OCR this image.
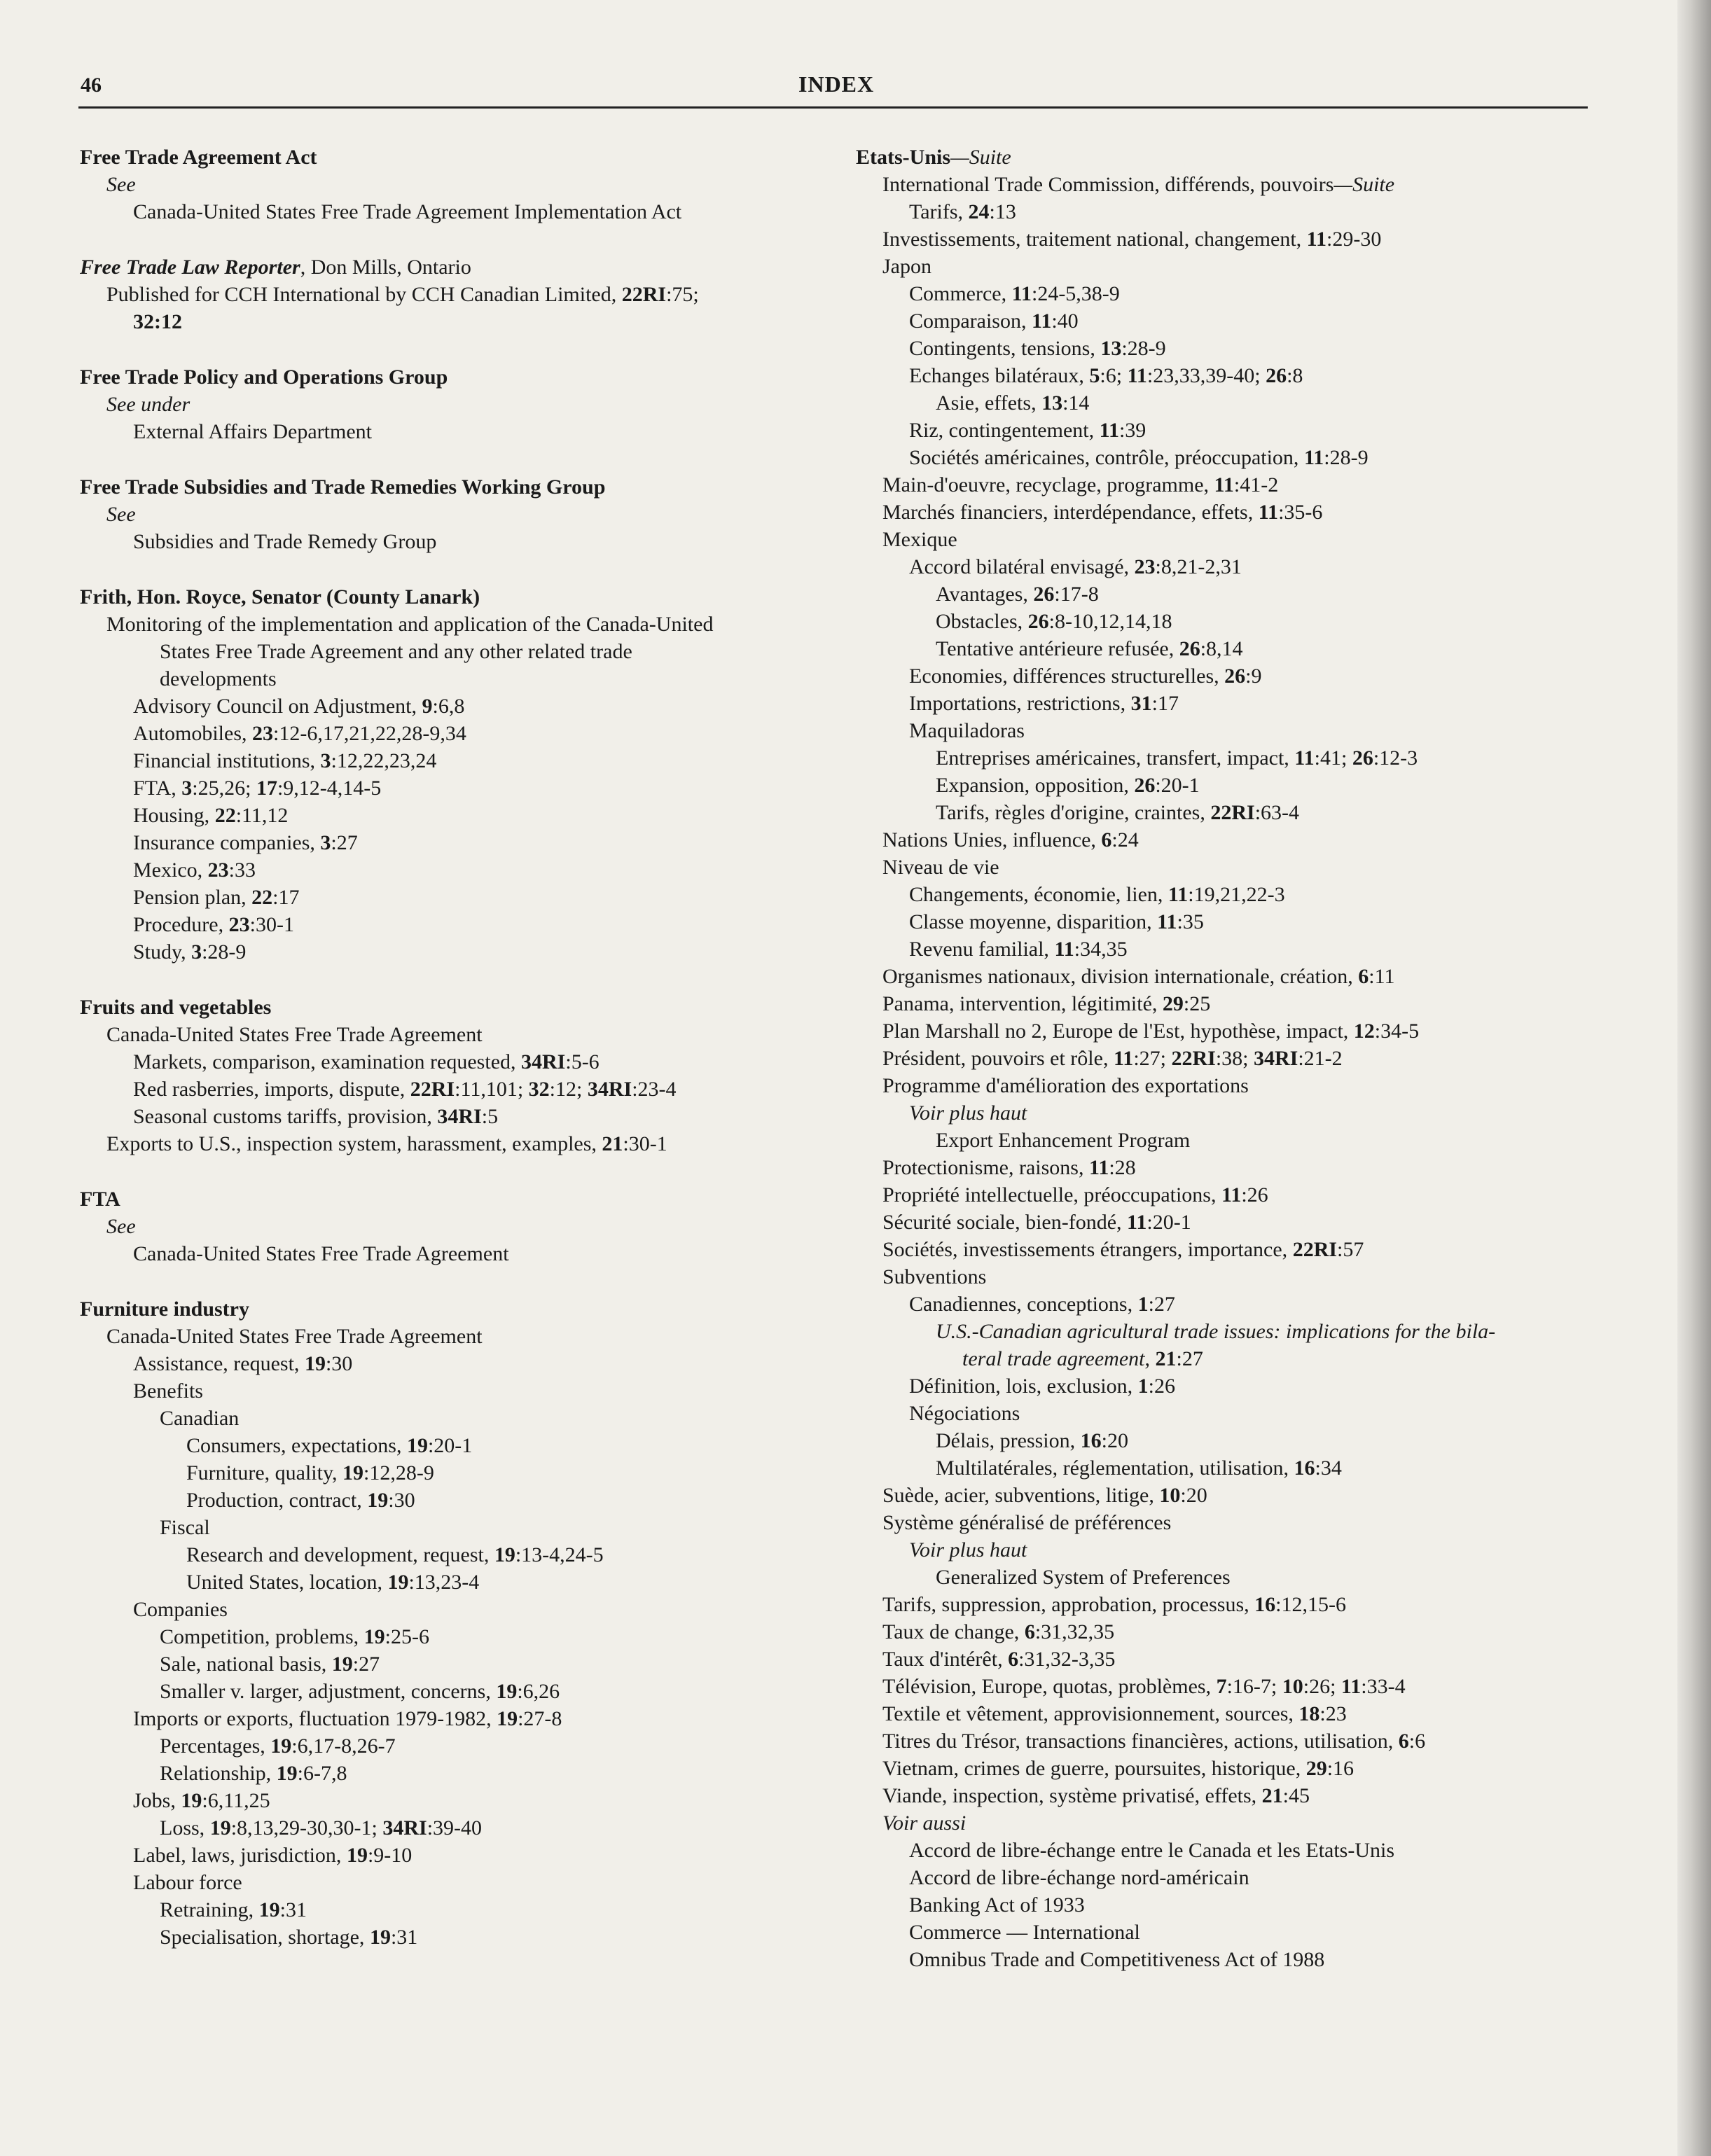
46	INDEX
Free Trade Agreement Act
See
Canada-United States Free Trade Agreement Implementation Act
Free Trade Law Reporter, Don Mills, Ontario
Published for CCH International by CCH Canadian Limited, 22RI:75;
32:12
Free Trade Policy and Operations Group
See under
External Affairs Department
Free Trade Subsidies and Trade Remedies Working Group
See
Subsidies and Trade Remedy Group
Frith, Hon. Royce, Senator (County Lanark)
Monitoring of the implementation and application of the Canada-United
States Free Trade Agreement and any other related trade
developments
Advisory Council on Adjustment, 9:6,8
Automobiles, 23:12-6,17,21,22,28-9,34
Financial institutions, 3:12,22,23,24
FTA, 3:25,26; 17:9,12-4,14-5
Housing, 22:11,12
Insurance companies, 3:27
Mexico, 23:33
Pension plan, 22:17
Procedure, 23:30-1
Study, 3:28-9
Fruits and vegetables
Canada-United States Free Trade Agreement
Markets, comparison, examination requested, 34RI:5-6
Red rasberries, imports, dispute, 22RI:11,101; 32:12; 34RI:23-4
Seasonal customs tariffs, provision, 34RI:5
Exports to U.S., inspection system, harassment, examples, 21:30-1
FTA
See
Canada-United States Free Trade Agreement
Furniture industry
Canada-United States Free Trade Agreement
Assistance, request, 19:30
Benefits
Canadian
Consumers, expectations, 19:20-1
Furniture, quality, 19:12,28-9
Production, contract, 19:30
Fiscal
Research and development, request, 19:13-4,24-5
United States, location, 19:13,23-4
Companies
Competition, problems, 19:25-6
Sale, national basis, 19:27
Smaller v. larger, adjustment, concerns, 19:6,26
Imports or exports, fluctuation 1979-1982, 19:27-8
Percentages, 19:6,17-8,26-7
Relationship, 19:6-7,8
Jobs, 19:6,11,25
Loss, 19:8,13,29-30,30-1; 34RI:39-40
Label, laws, jurisdiction, 19:9-10
Labour force
Retraining, 19:31
Specialisation, shortage, 19:31
Etats-Unis—Suite
International Trade Commission, différends, pouvoirs—Suite
Tarifs, 24:13
Investissements, traitement national, changement, 11:29-30
Japon
Commerce, 11:24-5,38-9
Comparaison, 11:40
Contingents, tensions, 13:28-9
Echanges bilatéraux, 5:6; 11:23,33,39-40; 26:8
Asie, effets, 13:14
Riz, contingentement, 11:39
Sociétés américaines, contrôle, préoccupation, 11:28-9
Main-d'oeuvre, recyclage, programme, 11:41-2
Marchés financiers, interdépendance, effets, 11:35-6
Mexique
Accord bilatéral envisagé, 23:8,21-2,31
Avantages, 26:17-8
Obstacles, 26:8-10,12,14,18
Tentative antérieure refusée, 26:8,14
Economies, différences structurelles, 26:9
Importations, restrictions, 31:17
Maquiladoras
Entreprises américaines, transfert, impact, 11:41; 26:12-3
Expansion, opposition, 26:20-1
Tarifs, règles d'origine, craintes, 22RI:63-4
Nations Unies, influence, 6:24
Niveau de vie
Changements, économie, lien, 11:19,21,22-3
Classe moyenne, disparition, 11:35
Revenu familial, 11:34,35
Organismes nationaux, division internationale, création, 6:11
Panama, intervention, légitimité, 29:25
Plan Marshall no 2, Europe de l'Est, hypothèse, impact, 12:34-5
Président, pouvoirs et rôle, 11:27; 22RI:38; 34RI:21-2
Programme d'amélioration des exportations
Voir plus haut
Export Enhancement Program
Protectionisme, raisons, 11:28
Propriété intellectuelle, préoccupations, 11:26
Sécurité sociale, bien-fondé, 11:20-1
Sociétés, investissements étrangers, importance, 22RI:57
Subventions
Canadiennes, conceptions, 1:27
U.S.-Canadian agricultural trade issues: implications for the bila-
teral trade agreement, 21:27
Définition, lois, exclusion, 1:26
Négociations
Délais, pression, 16:20
Multilatérales, réglementation, utilisation, 16:34
Suède, acier, subventions, litige, 10:20
Système généralisé de préférences
Voir plus haut
Generalized System of Preferences
Tarifs, suppression, approbation, processus, 16:12,15-6
Taux de change, 6:31,32,35
Taux d'intérêt, 6:31,32-3,35
Télévision, Europe, quotas, problèmes, 7:16-7; 10:26; 11:33-4
Textile et vêtement, approvisionnement, sources, 18:23
Titres du Trésor, transactions financières, actions, utilisation, 6:6
Vietnam, crimes de guerre, poursuites, historique, 29:16
Viande, inspection, système privatisé, effets, 21:45
Voir aussi
Accord de libre-échange entre le Canada et les Etats-Unis
Accord de libre-échange nord-américain
Banking Act of 1933
Commerce — International
Omnibus Trade and Competitiveness Act of 1988
